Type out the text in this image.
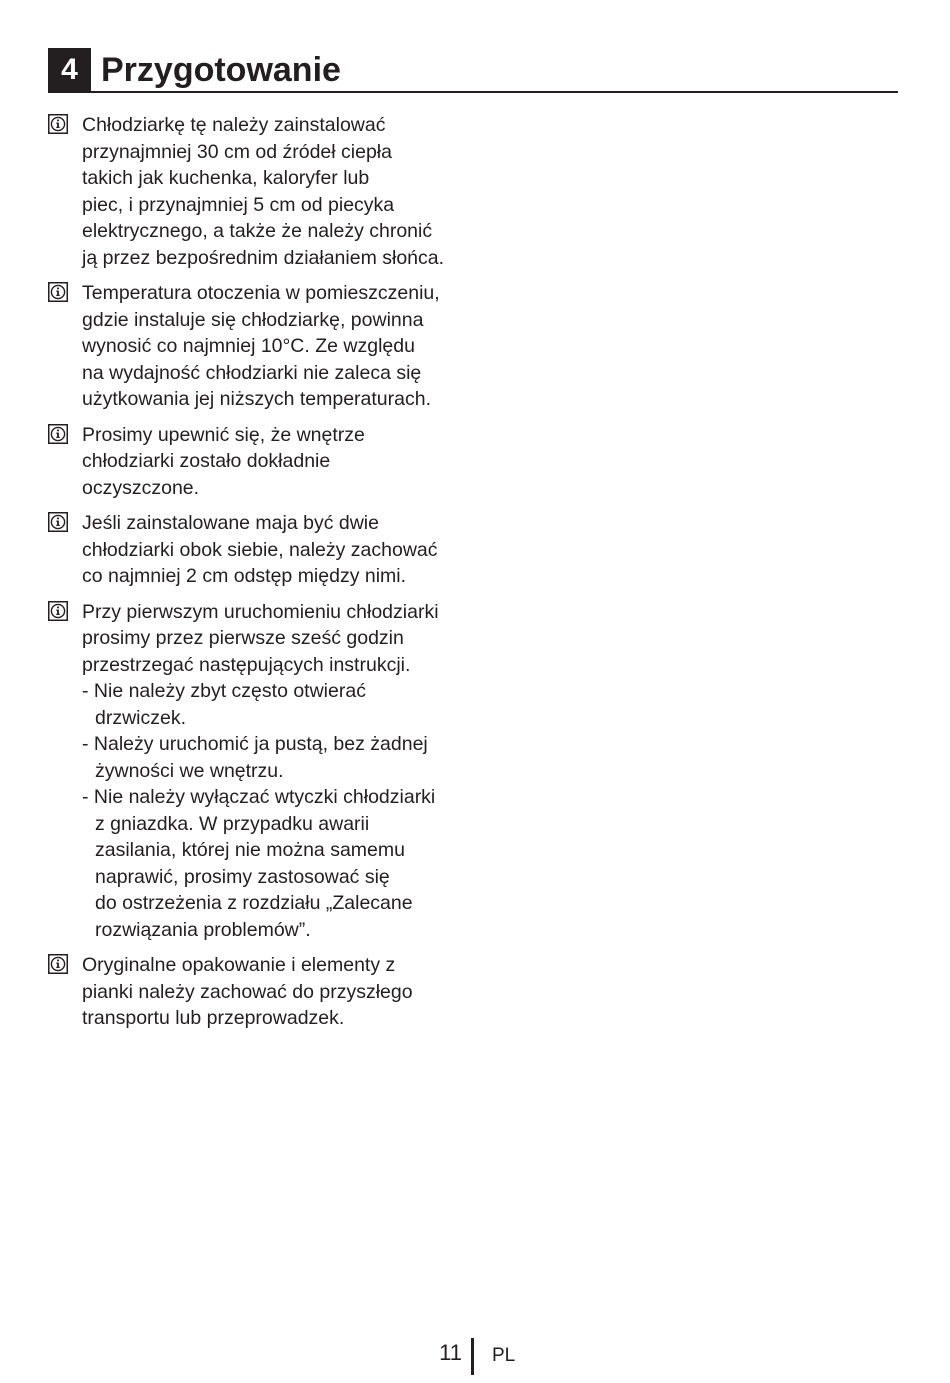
4 Przygotowanie
Chłodziarkę tę należy zainstalować
przynajmniej 30 cm od źródeł ciepła
takich jak kuchenka, kaloryfer lub
piec, i przynajmniej 5 cm od piecyka
elektrycznego, a także że należy chronić
ją przez bezpośrednim działaniem słońca.
Temperatura otoczenia w pomieszczeniu,
gdzie instaluje się chłodziarkę, powinna
wynosić co najmniej 10°C. Ze względu
na wydajność chłodziarki nie zaleca się
użytkowania jej niższych temperaturach.
Prosimy upewnić się, że wnętrze
chłodziarki zostało dokładnie
oczyszczone.
Jeśli zainstalowane maja być dwie
chłodziarki obok siebie, należy zachować
co najmniej 2 cm odstęp między nimi.
Przy pierwszym uruchomieniu chłodziarki
prosimy przez pierwsze sześć godzin
przestrzegać następujących instrukcji.
- Nie należy zbyt często otwierać
drzwiczek.
- Należy uruchomić ja pustą, bez żadnej
żywności we wnętrzu.
- Nie należy wyłączać wtyczki chłodziarki
z gniazdka. W przypadku awarii
zasilania, której nie można samemu
naprawić, prosimy zastosować się
do ostrzeżenia z rozdziału „Zalecane
rozwiązania problemów”.
Oryginalne opakowanie i elementy z
pianki należy zachować do przyszłego
transportu lub przeprowadzek.
11 PL
